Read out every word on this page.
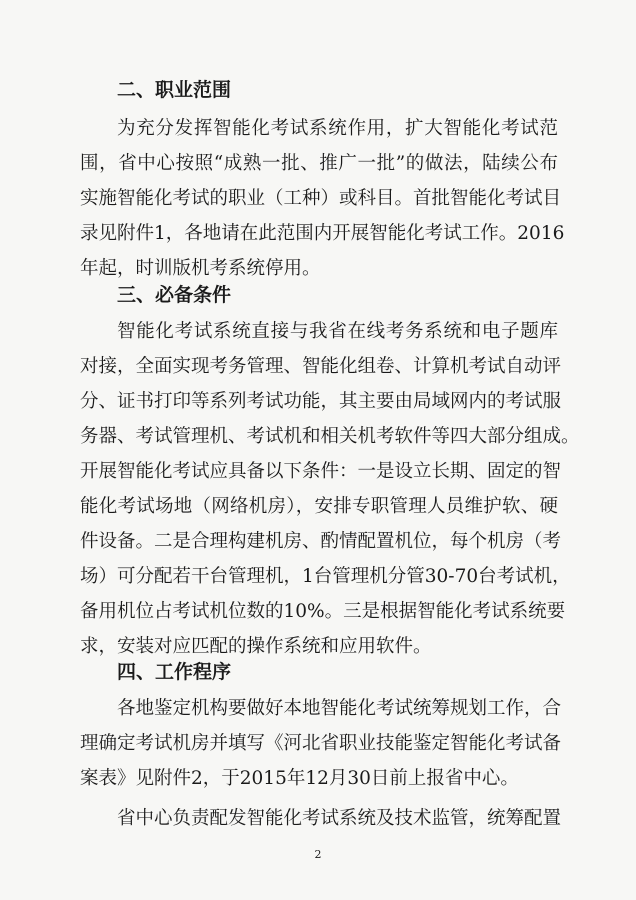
二、职业范围
为充分发挥智能化考试系统作用，扩大智能化考试范
围，省中心按照“成熟一批、推广一批”的做法，陆续公布
实施智能化考试的职业（工种）或科目。首批智能化考试目
录见附件1，各地请在此范围内开展智能化考试工作。2016
年起，时训版机考系统停用。
三、必备条件
智能化考试系统直接与我省在线考务系统和电子题库
对接，全面实现考务管理、智能化组卷、计算机考试自动评
分、证书打印等系列考试功能，其主要由局域网内的考试服
务器、考试管理机、考试机和相关机考软件等四大部分组成。
开展智能化考试应具备以下条件：一是设立长期、固定的智
能化考试场地（网络机房），安排专职管理人员维护软、硬
件设备。二是合理构建机房、酌情配置机位，每个机房（考
场）可分配若干台管理机，1台管理机分管30-70台考试机，
备用机位占考试机位数的10%。三是根据智能化考试系统要
求，安装对应匹配的操作系统和应用软件。
四、工作程序
各地鉴定机构要做好本地智能化考试统筹规划工作，合
理确定考试机房并填写《河北省职业技能鉴定智能化考试备
案表》见附件2，于2015年12月30日前上报省中心。
省中心负责配发智能化考试系统及技术监管，统筹配置
2
